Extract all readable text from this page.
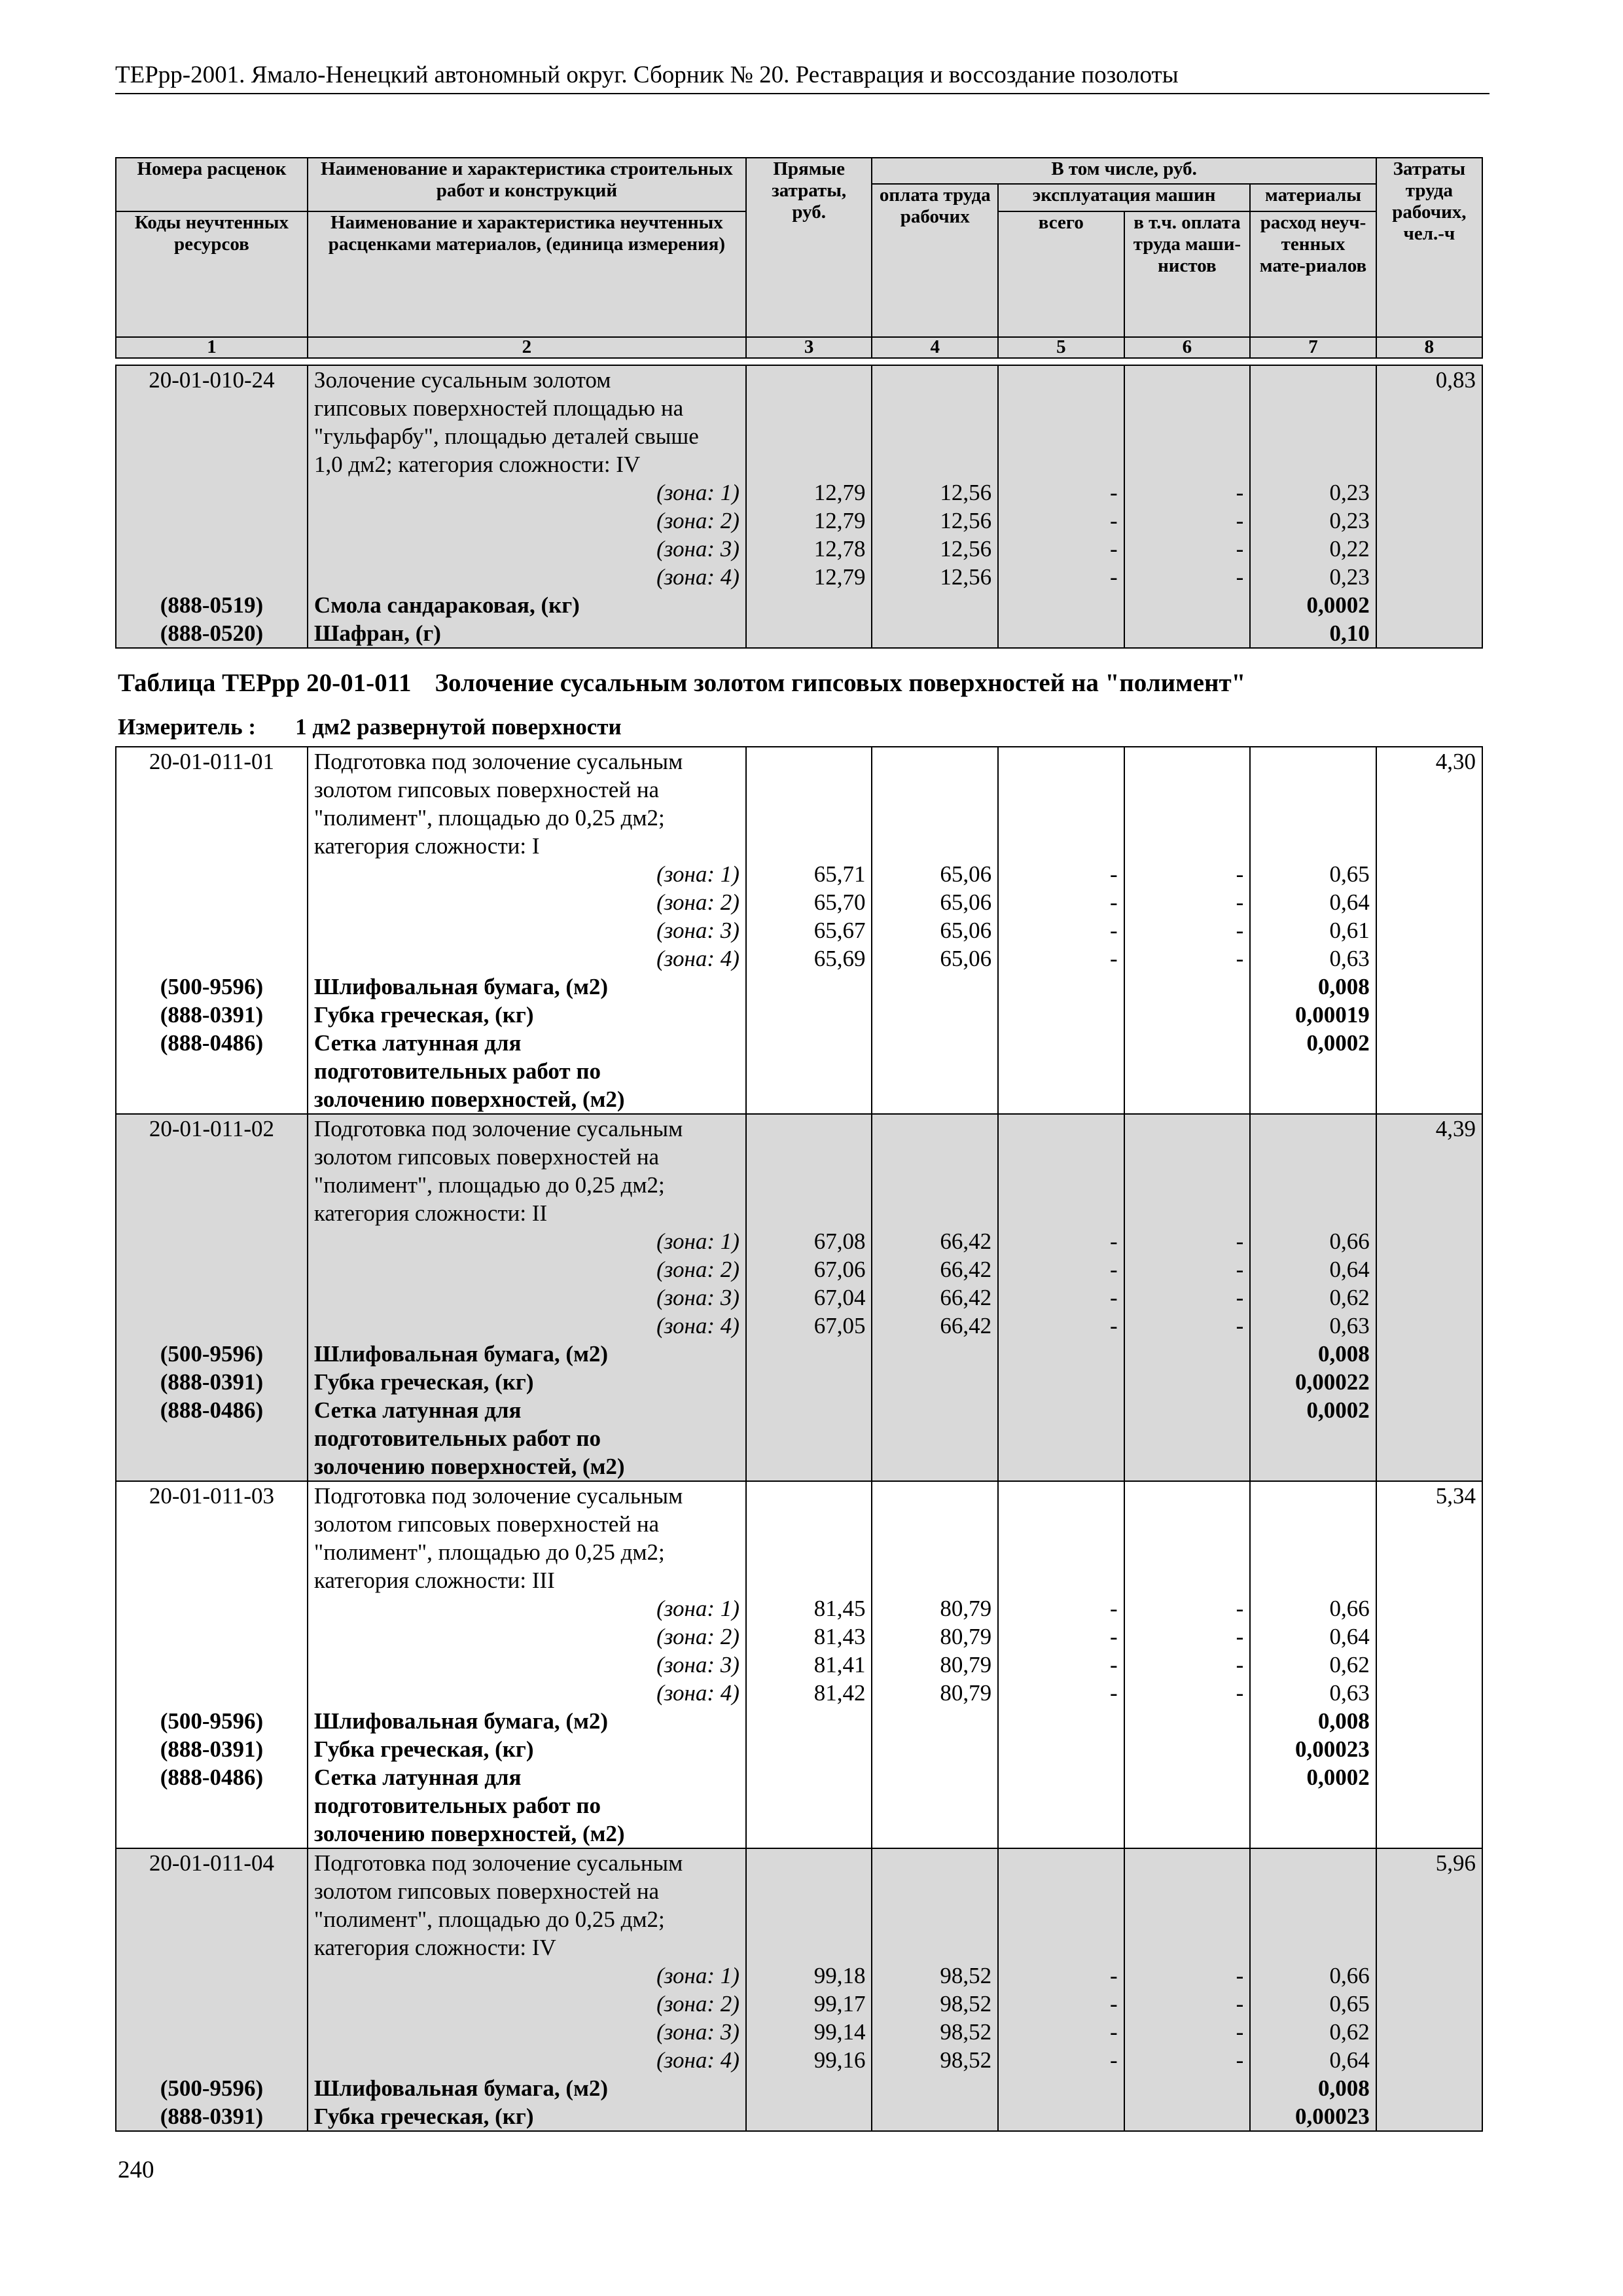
ТЕРрр-2001. Ямало-Ненецкий автономный округ. Сборник № 20. Реставрация и воссоздание позолоты
Номера расценок	Наименование и характеристика строительных работ и конструкций	Прямые затраты, руб.	В том числе, руб.				Затраты труда рабочих, чел.-ч
			оплата труда рабочих	эксплуатация машин		материалы	
Коды неучтенных ресурсов	Наименование и характеристика неучтенных расценками материалов, (единица измерения)			всего	в т.ч. оплата труда маши-нистов	расход неуч-тенных мате-риалов	

1	2	3	4	5	6	7	8
20-01-010-24	Золочение сусальным золотом
гипсовых поверхностей площадью на
"гульфарбу", площадью деталей свыше
1,0 дм2; категория сложности: IV						0,83
	(зона: 1)	12,79	12,56	-	-	0,23	
	(зона: 2)	12,79	12,56	-	-	0,23	
	(зона: 3)	12,78	12,56	-	-	0,22	
	(зона: 4)	12,79	12,56	-	-	0,23	
(888-0519)	Смола сандараковая, (кг)					0,0002	
(888-0520)	Шафран, (г)					0,10	
Таблица ТЕРрр 20-01-011 Золочение сусальным золотом гипсовых поверхностей на "полимент"
Измеритель : 1 дм2 развернутой поверхности
20-01-011-01	Подготовка под золочение сусальным
золотом гипсовых поверхностей на
"полимент", площадью до 0,25 дм2;
категория сложности: I						4,30
	(зона: 1)	65,71	65,06	-	-	0,65	
	(зона: 2)	65,70	65,06	-	-	0,64	
	(зона: 3)	65,67	65,06	-	-	0,61	
	(зона: 4)	65,69	65,06	-	-	0,63	
(500-9596)	Шлифовальная бумага, (м2)					0,008	
(888-0391)	Губка греческая, (кг)					0,00019	
(888-0486)	Сетка латунная для
подготовительных работ по
золочению поверхностей, (м2)					0,0002	
20-01-011-02	Подготовка под золочение сусальным
золотом гипсовых поверхностей на
"полимент", площадью до 0,25 дм2;
категория сложности: II						4,39
	(зона: 1)	67,08	66,42	-	-	0,66	
	(зона: 2)	67,06	66,42	-	-	0,64	
	(зона: 3)	67,04	66,42	-	-	0,62	
	(зона: 4)	67,05	66,42	-	-	0,63	
(500-9596)	Шлифовальная бумага, (м2)					0,008	
(888-0391)	Губка греческая, (кг)					0,00022	
(888-0486)	Сетка латунная для
подготовительных работ по
золочению поверхностей, (м2)					0,0002	
20-01-011-03	Подготовка под золочение сусальным
золотом гипсовых поверхностей на
"полимент", площадью до 0,25 дм2;
категория сложности: III						5,34
	(зона: 1)	81,45	80,79	-	-	0,66	
	(зона: 2)	81,43	80,79	-	-	0,64	
	(зона: 3)	81,41	80,79	-	-	0,62	
	(зона: 4)	81,42	80,79	-	-	0,63	
(500-9596)	Шлифовальная бумага, (м2)					0,008	
(888-0391)	Губка греческая, (кг)					0,00023	
(888-0486)	Сетка латунная для
подготовительных работ по
золочению поверхностей, (м2)					0,0002	
20-01-011-04	Подготовка под золочение сусальным
золотом гипсовых поверхностей на
"полимент", площадью до 0,25 дм2;
категория сложности: IV						5,96
	(зона: 1)	99,18	98,52	-	-	0,66	
	(зона: 2)	99,17	98,52	-	-	0,65	
	(зона: 3)	99,14	98,52	-	-	0,62	
	(зона: 4)	99,16	98,52	-	-	0,64	
(500-9596)	Шлифовальная бумага, (м2)					0,008	
(888-0391)	Губка греческая, (кг)					0,00023	
240
